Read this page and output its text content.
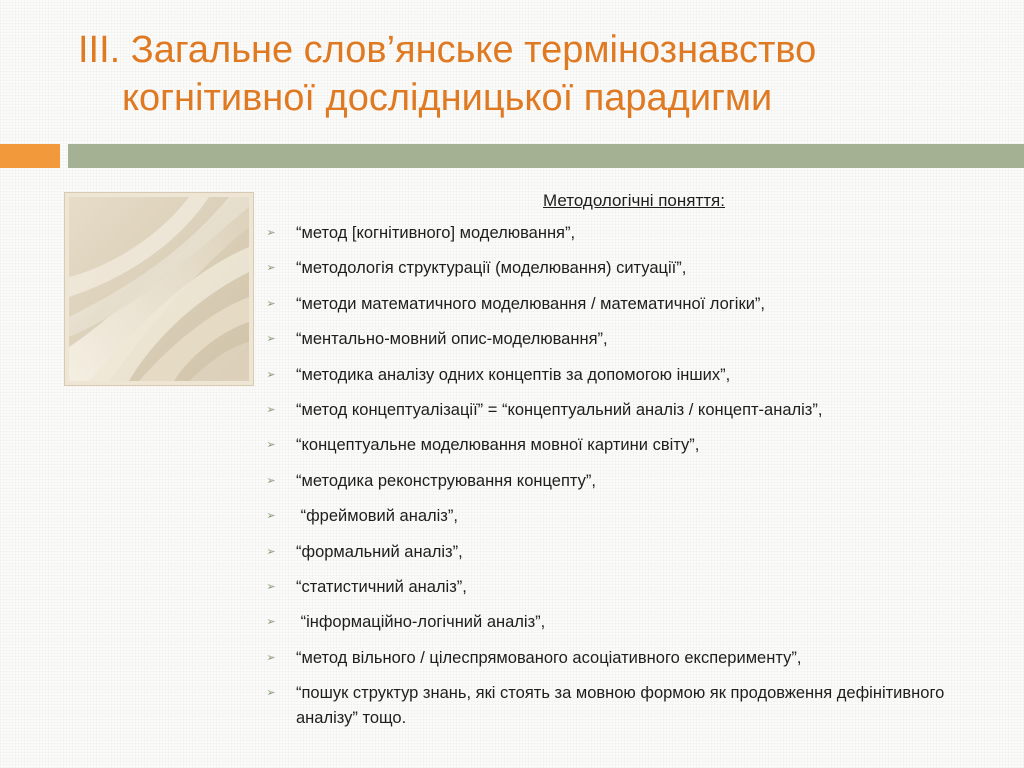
III. Загальне слов’янське термінознавство
когнітивної дослідницької парадигми
Методологічні поняття:
➢ “метод [когнітивного] моделювання”,
➢ “методологія структурації (моделювання) ситуації”,
➢ “методи математичного моделювання / математичної логіки”,
➢ “ментально-мовний опис-моделювання”,
➢ “методика аналізу одних концептів за допомогою інших”,
➢ “метод концептуалізації” = “концептуальний аналіз / концепт-аналіз”,
➢ “концептуальне моделювання мовної картини світу”,
➢ “методика реконструювання концепту”,
➢ “фреймовий аналіз”,
➢ “формальний аналіз”,
➢ “статистичний аналіз”,
➢ “інформаційно-логічний аналіз”,
➢ “метод вільного / цілеспрямованого асоціативного експерименту”,
➢ “пошук структур знань, які стоять за мовною формою як продовження дефінітивного аналізу” тощо.
